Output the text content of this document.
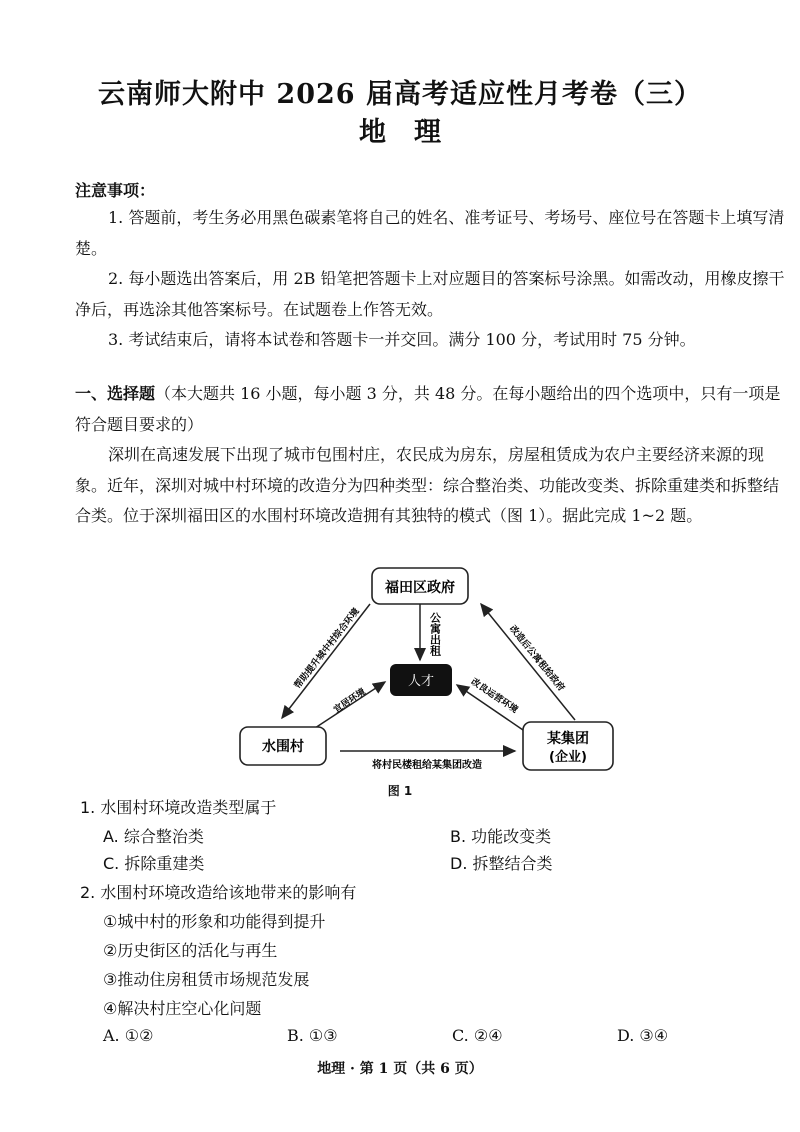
云南师大附中 2026 届高考适应性月考卷（三）
地理
注意事项：
1. 答题前，考生务必用黑色碳素笔将自己的姓名、准考证号、考场号、座位号在答题卡上填写清楚。
2. 每小题选出答案后，用 2B 铅笔把答题卡上对应题目的答案标号涂黑。如需改动，用橡皮擦干净后，再选涂其他答案标号。在试题卷上作答无效。
3. 考试结束后，请将本试卷和答题卡一并交回。满分 100 分，考试用时 75 分钟。
一、选择题（本大题共 16 小题，每小题 3 分，共 48 分。在每小题给出的四个选项中，只有一项是符合题目要求的）
深圳在高速发展下出现了城市包围村庄，农民成为房东，房屋租赁成为农户主要经济来源的现象。近年，深圳对城中村环境的改造分为四种类型：综合整治类、功能改变类、拆除重建类和拆整结合类。位于深圳福田区的水围村环境改造拥有其独特的模式（图 1）。据此完成 1~2 题。
福田区政府
人才
水围村	某集团
(企业)
公寓出租
帮助提升城中村综合环境
宜居环境	改良运营环境
改造后公寓租给政府
将村民楼租给某集团改造
图 1
1. 水围村环境改造类型属于
A. 综合整治类	B. 功能改变类
C. 拆除重建类	D. 拆整结合类
2. 水围村环境改造给该地带来的影响有
①城中村的形象和功能得到提升
②历史街区的活化与再生
③推动住房租赁市场规范发展
④解决村庄空心化问题
A. ①②	B. ①③	C. ②④	D. ③④
地理 · 第 1 页（共 6 页）
